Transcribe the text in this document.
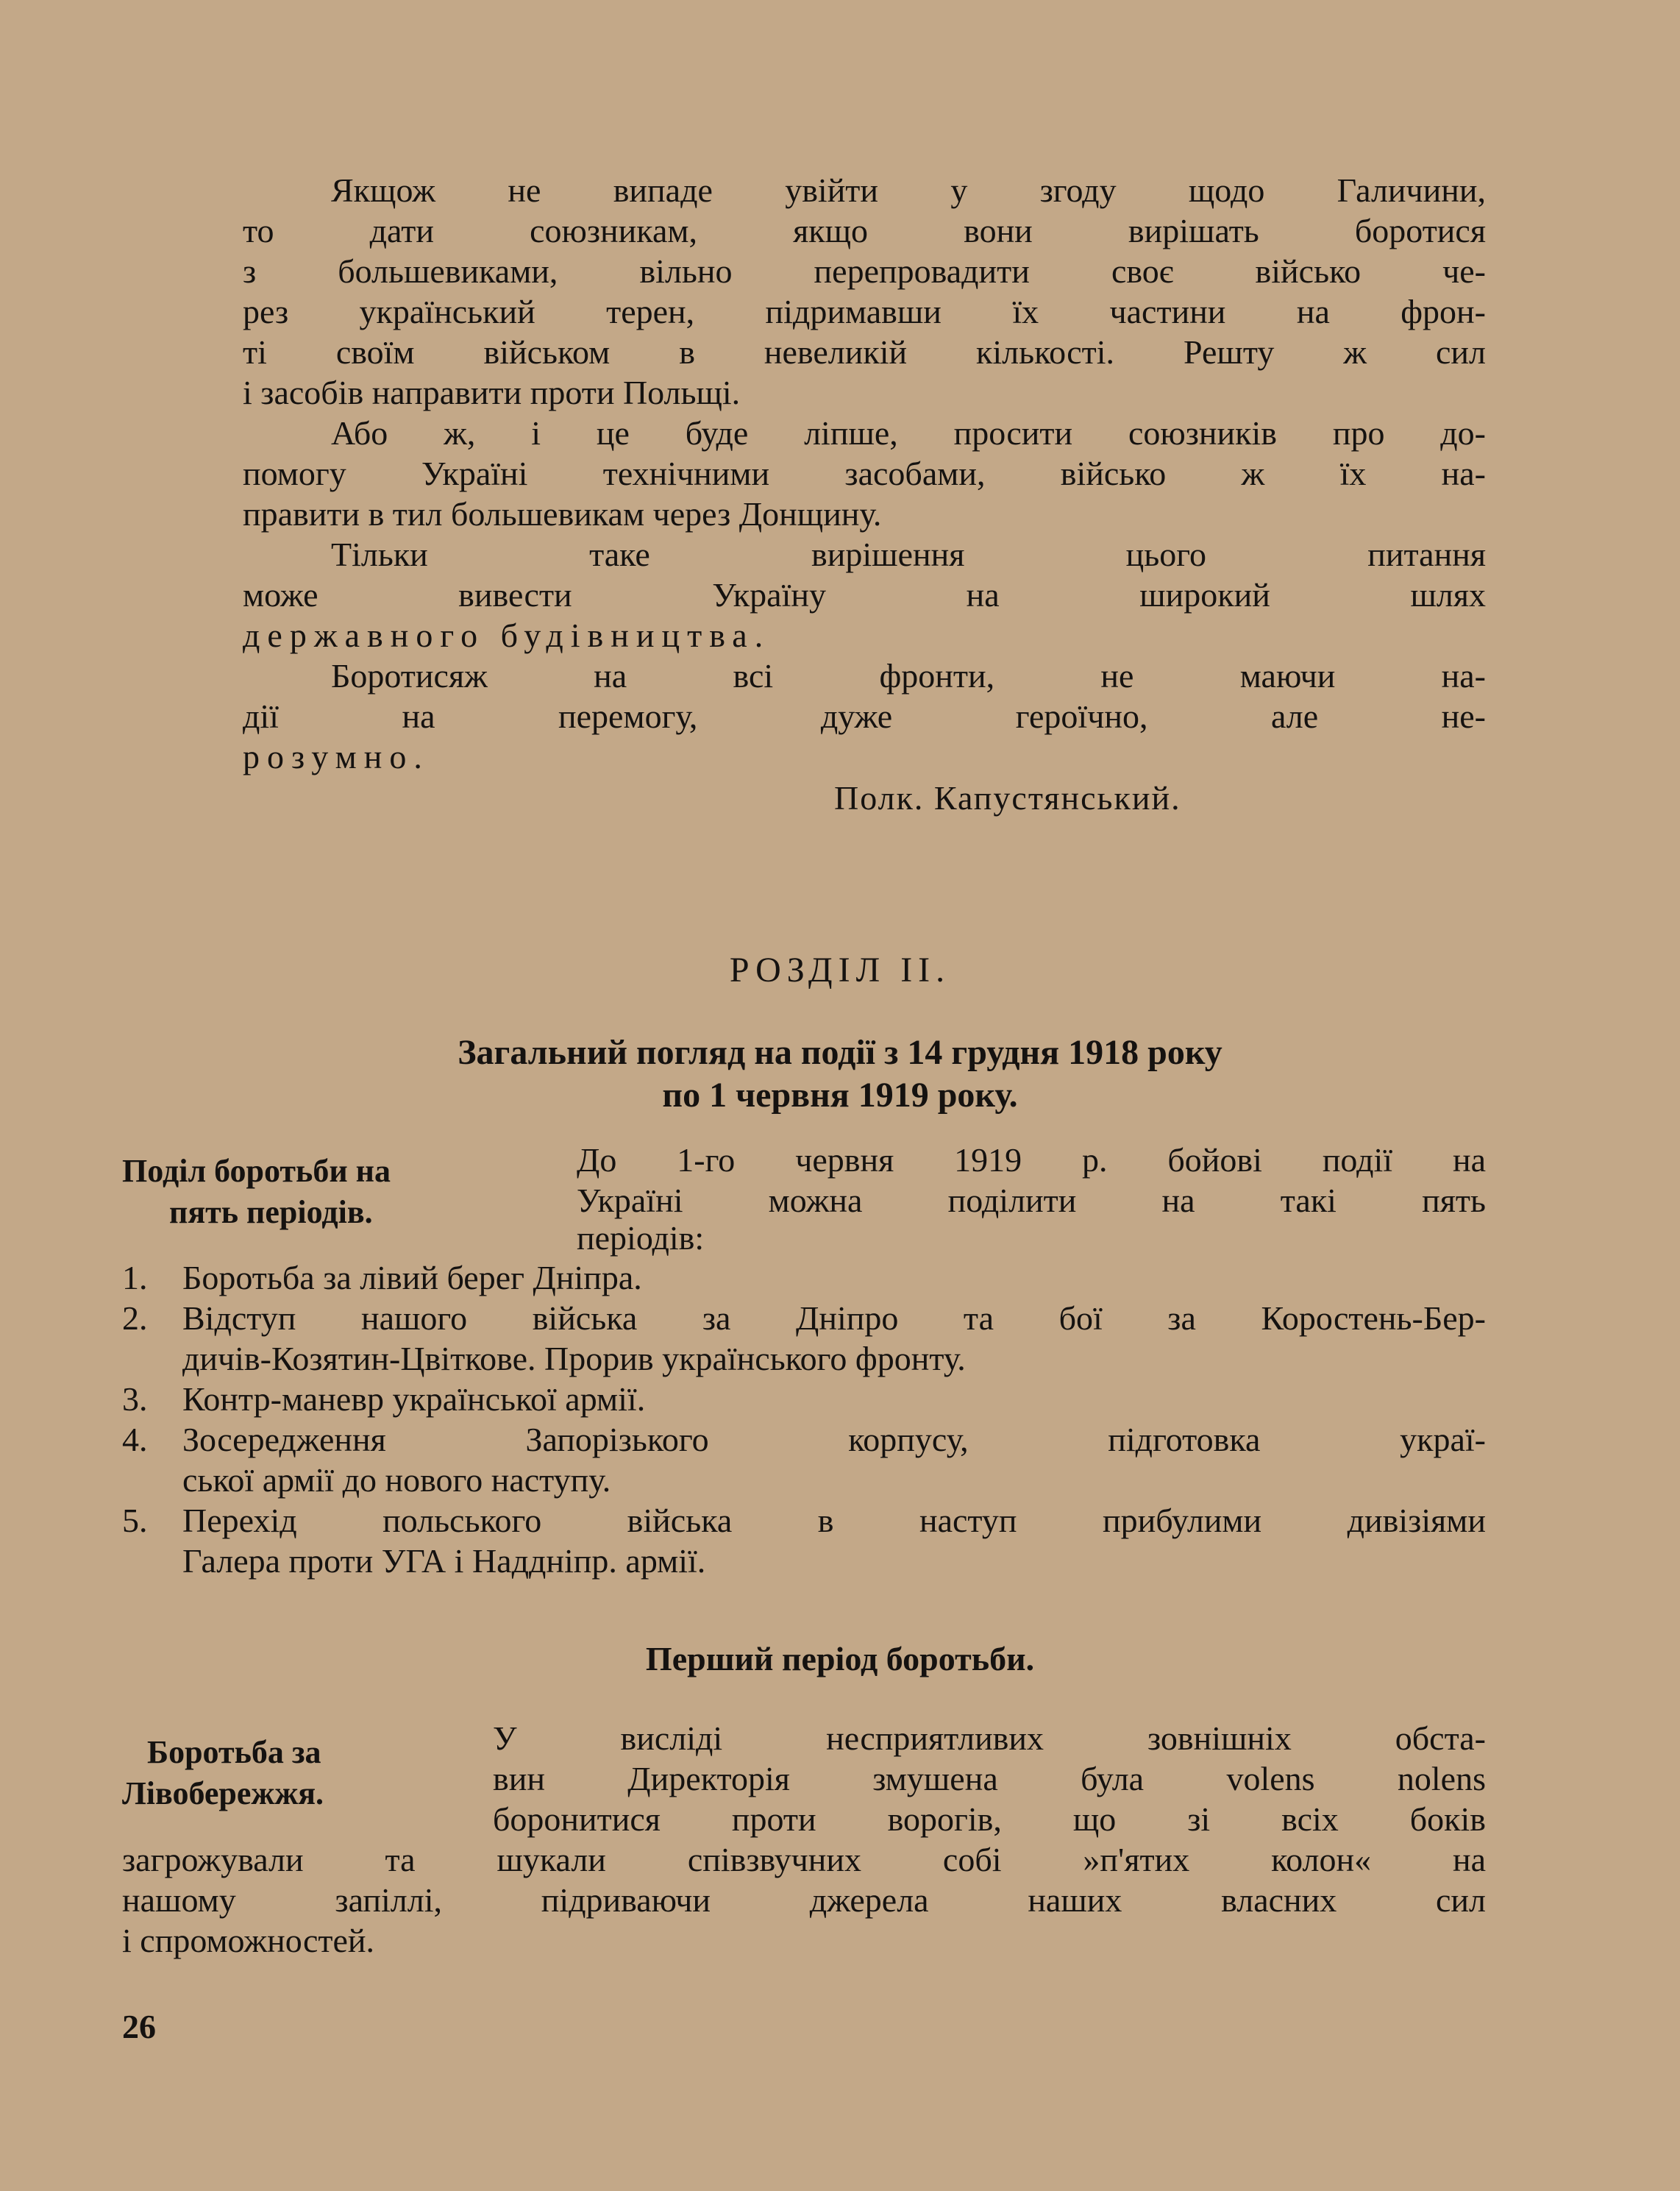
Якщож не випаде увійти у згоду щодо Галичини,
то дати союзникам, якщо вони вирішать боротися
з большевиками, вільно перепровадити своє військо че-
рез український терен, підримавши їх частини на фрон-
ті своїм військом в невеликій кількості. Решту ж сил
і засобів направити проти Польщі.
Або ж, і це буде ліпше, просити союзників про до-
помогу Україні технічними засобами, військо ж їх на-
правити в тил большевикам через Донщину.
Тільки таке вирішення цього питання
може вивести Україну на широкий шлях
державного будівництва.
Боротисяж на всі фронти, не маючи на-
дії на перемогу, дуже героїчно, але не-
розумно.
Полк. Капустянський.
РОЗДІЛ II.
Загальний погляд на події з 14 грудня 1918 року
по 1 червня 1919 року.
Поділ боротьби на
пять періодів.
До 1-го червня 1919 р. бойові події на
Україні можна поділити на такі пять
періодів:
1. Боротьба за лівий берег Дніпра.
2. Відступ нашого війська за Дніпро та бої за Коростень-Бер-
дичів-Козятин-Цвіткове. Прорив українського фронту.
3. Контр-маневр української армії.
4. Зосередження Запорізького корпусу, підготовка украї-
ської армії до нового наступу.
5. Перехід польського війська в наступ прибулими дивізіями
Галера проти УГА і Наддніпр. армії.
Перший період боротьби.
Боротьба за
Лівобережжя.
У висліді несприятливих зовнішніх обста-
вин Директорія змушена була volens nolens
боронитися проти ворогів, що зі всіх боків
загрожували та шукали співзвучних собі »п'ятих колон« на
нашому запіллі, підриваючи джерела наших власних сил
і спроможностей.
26
